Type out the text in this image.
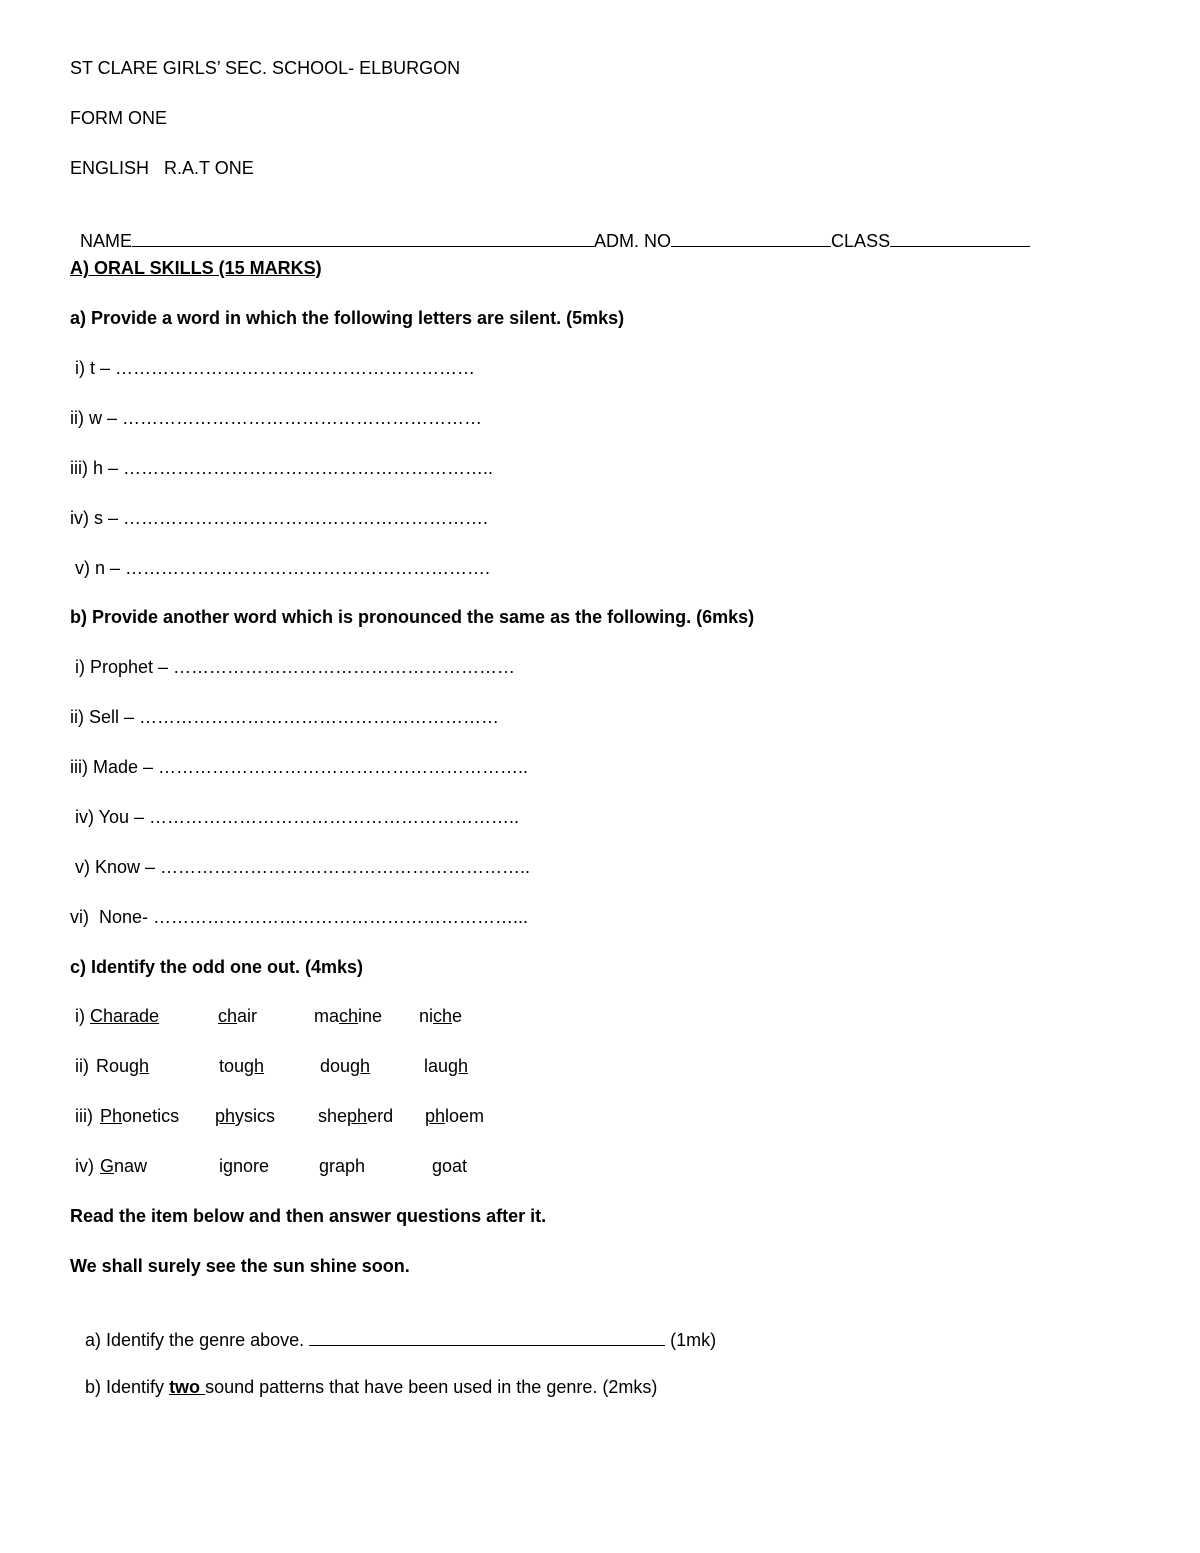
ST CLARE GIRLS’ SEC. SCHOOL- ELBURGON
FORM ONE
ENGLISH   R.A.T ONE

NAME	ADM. NO	CLASS

A) ORAL SKILLS (15 MARKS)
a) Provide a word in which the following letters are silent. (5mks)
i) t – ……………………………………………………
ii) w – ……………………………………………………
iii) h – ……………………………………………………..
iv) s – …………………………………………………….
v) n – …………………………………………………….
b) Provide another word which is pronounced the same as the following. (6mks)
i) Prophet – …………………………………………………
ii) Sell – ……………………………………………………
iii) Made – ……………………………………………………..
iv) You – ……………………………………………………..
v) Know – ……………………………………………………..
vi)  None- ……………………………………………………...
c) Identify the odd one out. (4mks)
i) Charade	chair	machine niche
ii) Rough	tough	dough	laugh
iii) Phonetics physics shepherd phloem
iv) Gnaw	ignore	graph	goat
Read the item below and then answer questions after it.
We shall surely see the sun shine soon.

a) Identify the genre above.	(1mk)

b) Identify two sound patterns that have been used in the genre. (2mks)
